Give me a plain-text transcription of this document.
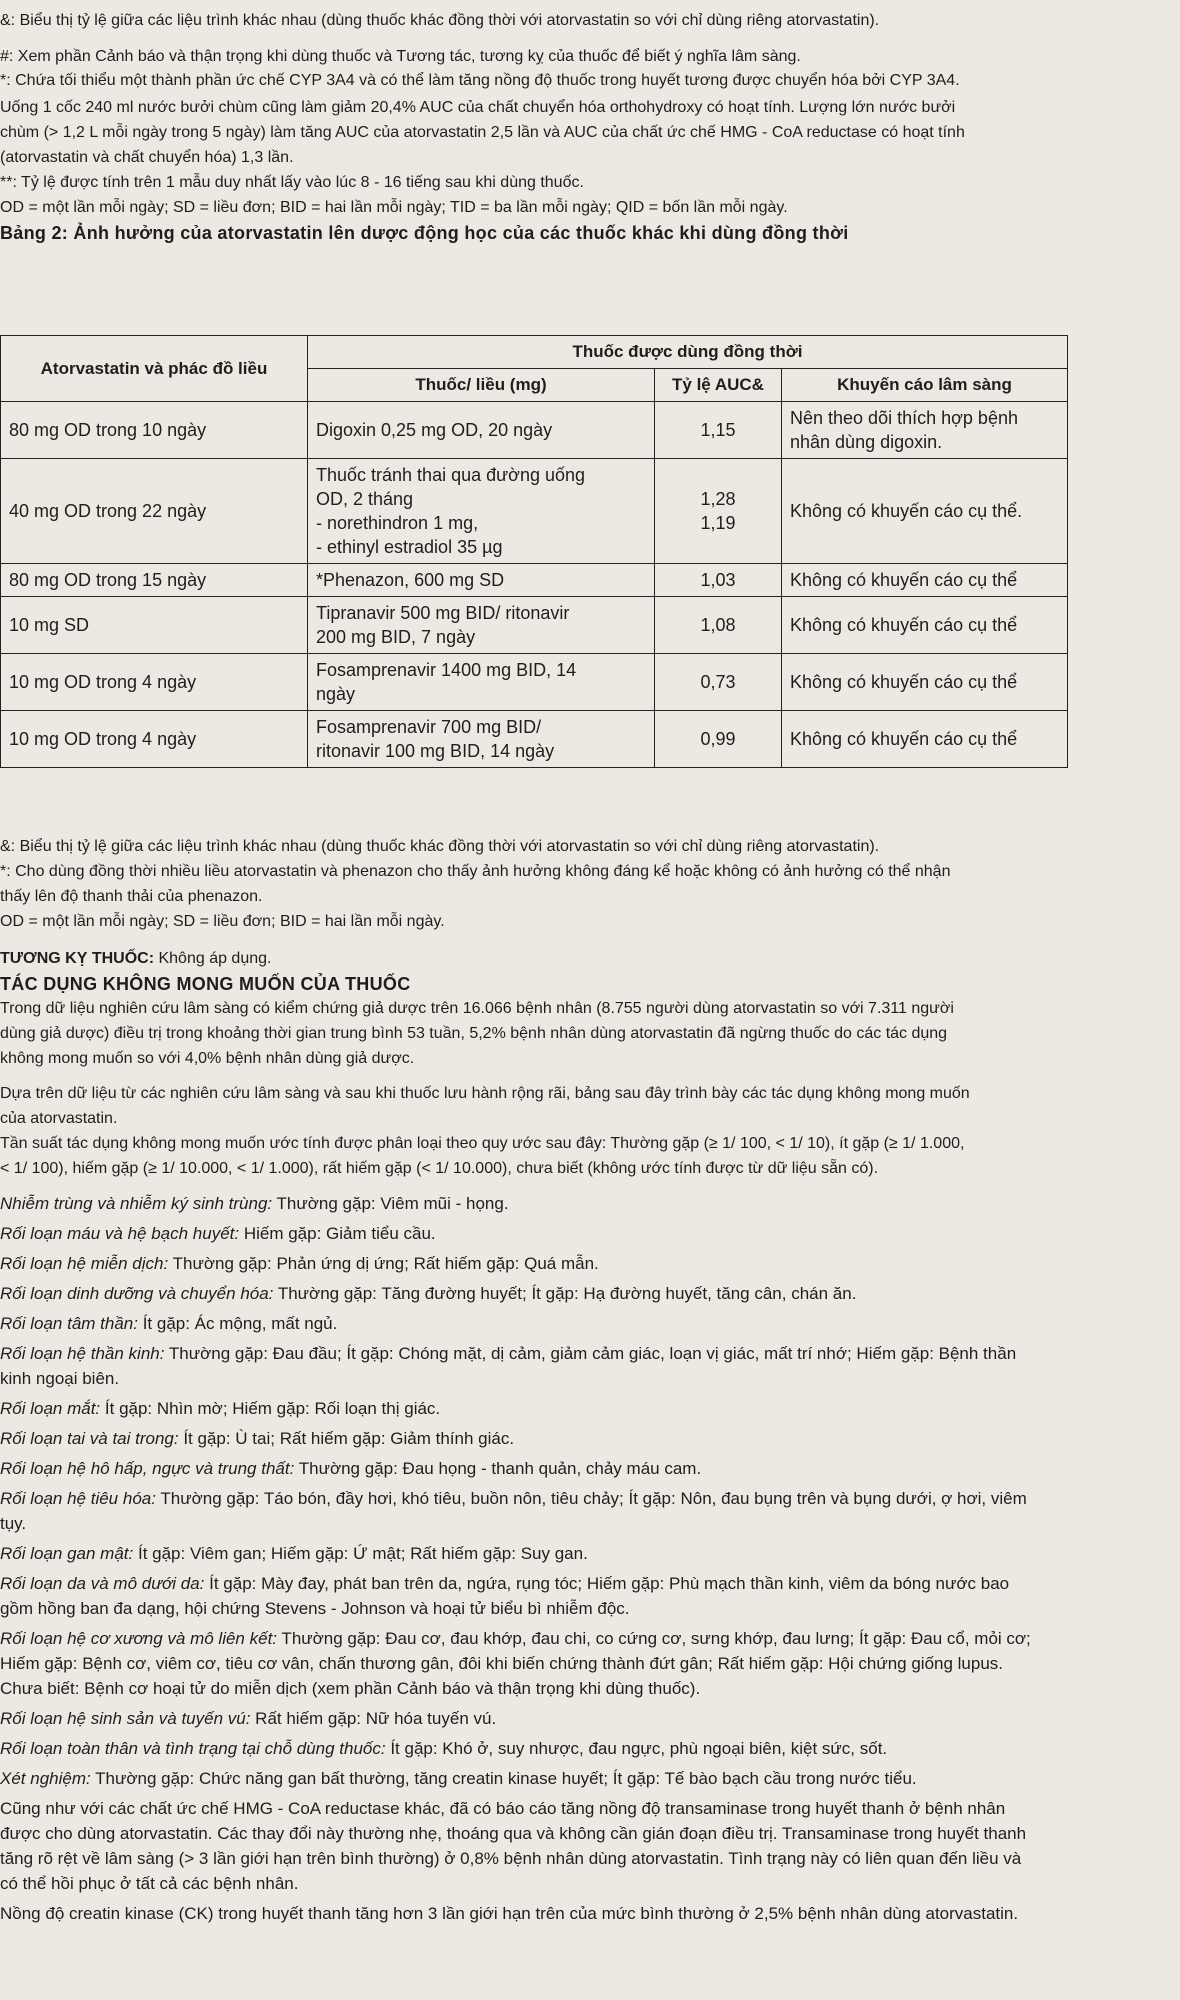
&: Biểu thị tỷ lệ giữa các liệu trình khác nhau (dùng thuốc khác đồng thời với atorvastatin so với chỉ dùng riêng atorvastatin).
#: Xem phần Cảnh báo và thận trọng khi dùng thuốc và Tương tác, tương kỵ của thuốc để biết ý nghĩa lâm sàng.
*: Chứa tối thiểu một thành phần ức chế CYP 3A4 và có thể làm tăng nồng độ thuốc trong huyết tương được chuyển hóa bởi CYP 3A4.
Uống 1 cốc 240 ml nước bưởi chùm cũng làm giảm 20,4% AUC của chất chuyển hóa orthohydroxy có hoạt tính. Lượng lớn nước bưởi
chùm (> 1,2 L mỗi ngày trong 5 ngày) làm tăng AUC của atorvastatin 2,5 lần và AUC của chất ức chế HMG - CoA reductase có hoạt tính
(atorvastatin và chất chuyển hóa) 1,3 lần.
**: Tỷ lệ được tính trên 1 mẫu duy nhất lấy vào lúc 8 - 16 tiếng sau khi dùng thuốc.
OD = một lần mỗi ngày; SD = liều đơn; BID = hai lần mỗi ngày; TID = ba lần mỗi ngày; QID = bốn lần mỗi ngày.
Bảng 2: Ảnh hưởng của atorvastatin lên dược động học của các thuốc khác khi dùng đồng thời
Atorvastatin và phác đồ liều	Thuốc được dùng đồng thời		
	Thuốc/ liều (mg)	Tỷ lệ AUC&	Khuyến cáo lâm sàng
80 mg OD trong 10 ngày	Digoxin 0,25 mg OD, 20 ngày	1,15	Nên theo dõi thích hợp bệnh nhân dùng digoxin.
40 mg OD trong 22 ngày	Thuốc tránh thai qua đường uống
OD, 2 tháng
- norethindron 1 mg,
- ethinyl estradiol 35 µg	1,28
1,19	Không có khuyến cáo cụ thể.
80 mg OD trong 15 ngày	*Phenazon, 600 mg SD	1,03	Không có khuyến cáo cụ thể
10 mg SD	Tipranavir 500 mg BID/ ritonavir
200 mg BID, 7 ngày	1,08	Không có khuyến cáo cụ thể
10 mg OD trong 4 ngày	Fosamprenavir 1400 mg BID, 14
ngày	0,73	Không có khuyến cáo cụ thể
10 mg OD trong 4 ngày	Fosamprenavir 700 mg BID/
ritonavir 100 mg BID, 14 ngày	0,99	Không có khuyến cáo cụ thể
&: Biểu thị tỷ lệ giữa các liệu trình khác nhau (dùng thuốc khác đồng thời với atorvastatin so với chỉ dùng riêng atorvastatin).
*: Cho dùng đồng thời nhiều liều atorvastatin và phenazon cho thấy ảnh hưởng không đáng kể hoặc không có ảnh hưởng có thể nhận
thấy lên độ thanh thải của phenazon.
OD = một lần mỗi ngày; SD = liều đơn; BID = hai lần mỗi ngày.
TƯƠNG KỴ THUỐC: Không áp dụng.
TÁC DỤNG KHÔNG MONG MUỐN CỦA THUỐC
Trong dữ liệu nghiên cứu lâm sàng có kiểm chứng giả dược trên 16.066 bệnh nhân (8.755 người dùng atorvastatin so với 7.311 người
dùng giả dược) điều trị trong khoảng thời gian trung bình 53 tuần, 5,2% bệnh nhân dùng atorvastatin đã ngừng thuốc do các tác dụng
không mong muốn so với 4,0% bệnh nhân dùng giả dược.
Dựa trên dữ liệu từ các nghiên cứu lâm sàng và sau khi thuốc lưu hành rộng rãi, bảng sau đây trình bày các tác dụng không mong muốn
của atorvastatin.
Tần suất tác dụng không mong muốn ước tính được phân loại theo quy ước sau đây: Thường gặp (≥ 1/ 100, < 1/ 10), ít gặp (≥ 1/ 1.000,
< 1/ 100), hiếm gặp (≥ 1/ 10.000, < 1/ 1.000), rất hiếm gặp (< 1/ 10.000), chưa biết (không ước tính được từ dữ liệu sẵn có).
Nhiễm trùng và nhiễm ký sinh trùng: Thường gặp: Viêm mũi - họng.
Rối loạn máu và hệ bạch huyết: Hiếm gặp: Giảm tiểu cầu.
Rối loạn hệ miễn dịch: Thường gặp: Phản ứng dị ứng; Rất hiếm gặp: Quá mẫn.
Rối loạn dinh dưỡng và chuyển hóa: Thường gặp: Tăng đường huyết; Ít gặp: Hạ đường huyết, tăng cân, chán ăn.
Rối loạn tâm thần: Ít gặp: Ác mộng, mất ngủ.
Rối loạn hệ thần kinh: Thường gặp: Đau đầu; Ít gặp: Chóng mặt, dị cảm, giảm cảm giác, loạn vị giác, mất trí nhớ; Hiếm gặp: Bệnh thần
kinh ngoại biên.
Rối loạn mắt: Ít gặp: Nhìn mờ; Hiếm gặp: Rối loạn thị giác.
Rối loạn tai và tai trong: Ít gặp: Ù tai; Rất hiếm gặp: Giảm thính giác.
Rối loạn hệ hô hấp, ngực và trung thất: Thường gặp: Đau họng - thanh quản, chảy máu cam.
Rối loạn hệ tiêu hóa: Thường gặp: Táo bón, đầy hơi, khó tiêu, buồn nôn, tiêu chảy; Ít gặp: Nôn, đau bụng trên và bụng dưới, ợ hơi, viêm
tụy.
Rối loạn gan mật: Ít gặp: Viêm gan; Hiếm gặp: Ứ mật; Rất hiếm gặp: Suy gan.
Rối loạn da và mô dưới da: Ít gặp: Mày đay, phát ban trên da, ngứa, rụng tóc; Hiếm gặp: Phù mạch thần kinh, viêm da bóng nước bao
gồm hồng ban đa dạng, hội chứng Stevens - Johnson và hoại tử biểu bì nhiễm độc.
Rối loạn hệ cơ xương và mô liên kết: Thường gặp: Đau cơ, đau khớp, đau chi, co cứng cơ, sưng khớp, đau lưng; Ít gặp: Đau cổ, mỏi cơ;
Hiếm gặp: Bệnh cơ, viêm cơ, tiêu cơ vân, chấn thương gân, đôi khi biến chứng thành đứt gân; Rất hiếm gặp: Hội chứng giống lupus.
Chưa biết: Bệnh cơ hoại tử do miễn dịch (xem phần Cảnh báo và thận trọng khi dùng thuốc).
Rối loạn hệ sinh sản và tuyến vú: Rất hiếm gặp: Nữ hóa tuyến vú.
Rối loạn toàn thân và tình trạng tại chỗ dùng thuốc: Ít gặp: Khó ở, suy nhược, đau ngực, phù ngoại biên, kiệt sức, sốt.
Xét nghiệm: Thường gặp: Chức năng gan bất thường, tăng creatin kinase huyết; Ít gặp: Tế bào bạch cầu trong nước tiểu.
Cũng như với các chất ức chế HMG - CoA reductase khác, đã có báo cáo tăng nồng độ transaminase trong huyết thanh ở bệnh nhân
được cho dùng atorvastatin. Các thay đổi này thường nhẹ, thoáng qua và không cần gián đoạn điều trị. Transaminase trong huyết thanh
tăng rõ rệt về lâm sàng (> 3 lần giới hạn trên bình thường) ở 0,8% bệnh nhân dùng atorvastatin. Tình trạng này có liên quan đến liều và
có thể hồi phục ở tất cả các bệnh nhân.
Nồng độ creatin kinase (CK) trong huyết thanh tăng hơn 3 lần giới hạn trên của mức bình thường ở 2,5% bệnh nhân dùng atorvastatin.
